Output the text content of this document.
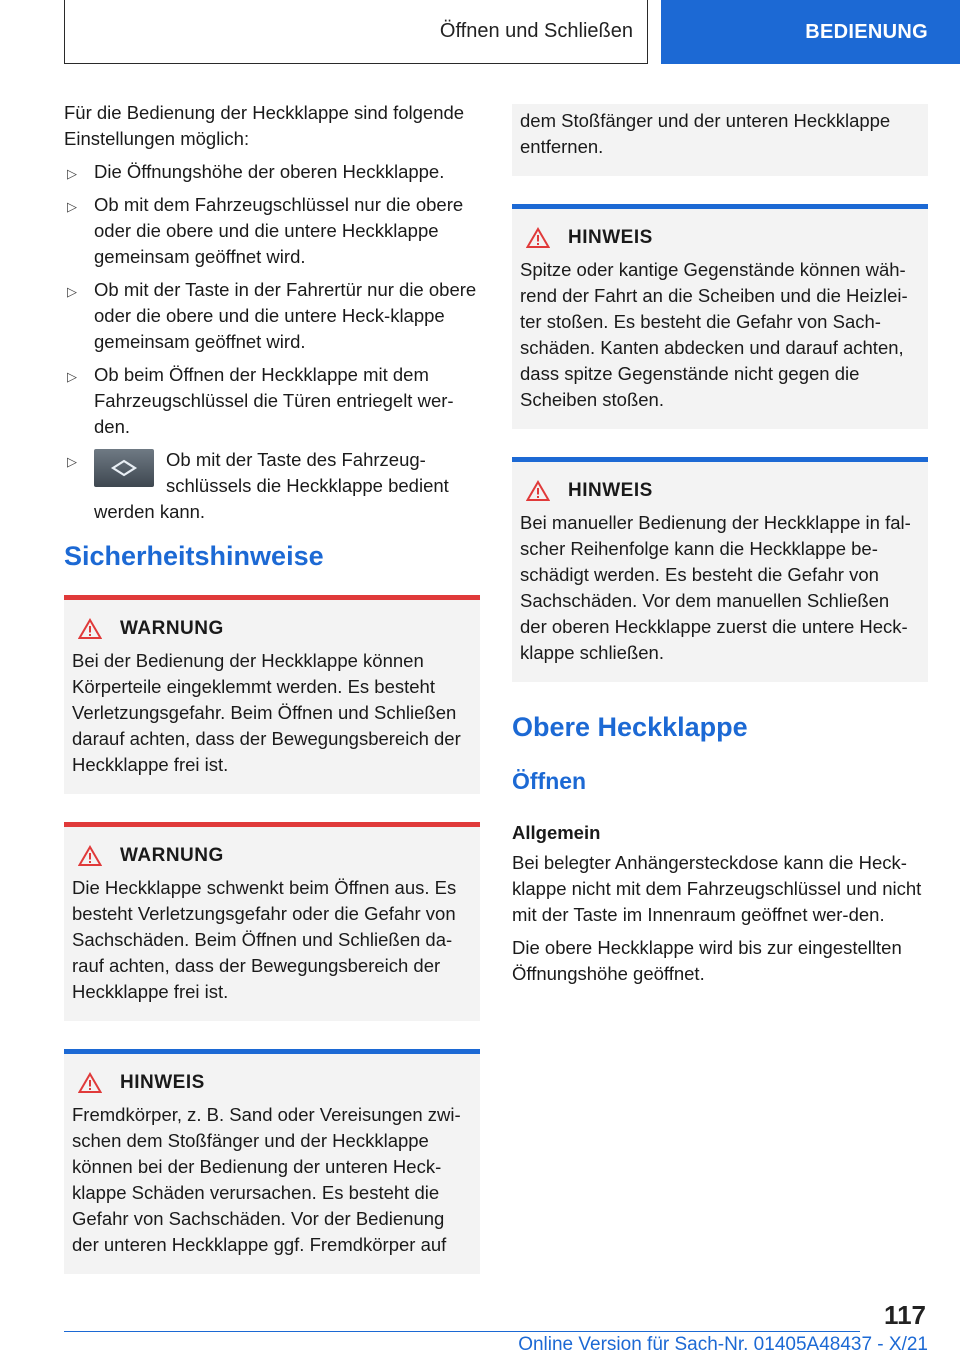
Öffnen und Schließen	BEDIENUNG

Für die Bedienung der Heckklappe sind folgende Einstellungen möglich:

▷ Die Öffnungshöhe der oberen Heckklappe.
▷ Ob mit dem Fahrzeugschlüssel nur die obere oder die obere und die untere Heckklappe gemeinsam geöffnet wird.
▷ Ob mit der Taste in der Fahrertür nur die obere oder die obere und die untere Heck-klappe gemeinsam geöffnet wird.
▷ Ob beim Öffnen der Heckklappe mit dem Fahrzeugschlüssel die Türen entriegelt wer-den.
▷	Ob mit der Taste des Fahrzeug-schlüssels die Heckklappe bedient werden kann.
Sicherheitshinweise
WARNUNG

Bei der Bedienung der Heckklappe können Körperteile eingeklemmt werden. Es besteht Verletzungsgefahr. Beim Öffnen und Schließen darauf achten, dass der Bewegungsbereich der Heckklappe frei ist.

WARNUNG

Die Heckklappe schwenkt beim Öffnen aus. Es besteht Verletzungsgefahr oder die Gefahr von Sachschäden. Beim Öffnen und Schließen da-rauf achten, dass der Bewegungsbereich der Heckklappe frei ist.

HINWEIS

Fremdkörper, z. B. Sand oder Vereisungen zwi-schen dem Stoßfänger und der Heckklappe können bei der Bedienung der unteren Heck-klappe Schäden verursachen. Es besteht die Gefahr von Sachschäden. Vor der Bedienung der unteren Heckklappe ggf. Fremdkörper auf

dem Stoßfänger und der unteren Heckklappe entfernen.

HINWEIS

Spitze oder kantige Gegenstände können wäh-rend der Fahrt an die Scheiben und die Heizlei-ter stoßen. Es besteht die Gefahr von Sach-schäden. Kanten abdecken und darauf achten, dass spitze Gegenstände nicht gegen die Scheiben stoßen.

HINWEIS

Bei manueller Bedienung der Heckklappe in fal-scher Reihenfolge kann die Heckklappe be-schädigt werden. Es besteht die Gefahr von Sachschäden. Vor dem manuellen Schließen der oberen Heckklappe zuerst die untere Heck-klappe schließen.

Obere Heckklappe
Öffnen
Allgemein

Bei belegter Anhängersteckdose kann die Heck-klappe nicht mit dem Fahrzeugschlüssel und nicht mit der Taste im Innenraum geöffnet wer-den.

Die obere Heckklappe wird bis zur eingestellten Öffnungshöhe geöffnet.

117
Online Version für Sach-Nr. 01405A48437 - X/21
